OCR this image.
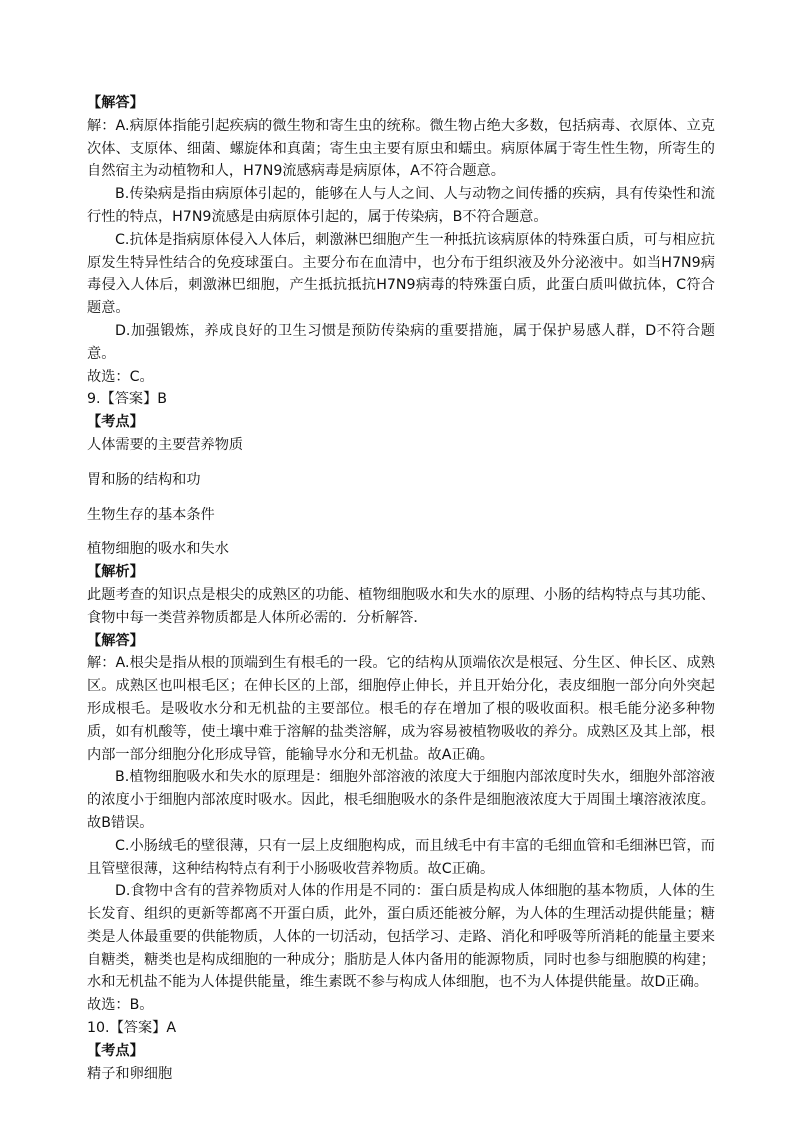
【解答】
解：A.病原体指能引起疾病的微生物和寄生虫的统称。微生物占绝大多数，包括病毒、衣原体、立克次体、支原体、细菌、螺旋体和真菌；寄生虫主要有原虫和蠕虫。病原体属于寄生性生物，所寄生的自然宿主为动植物和人，H7N9流感病毒是病原体，A不符合题意。
B.传染病是指由病原体引起的，能够在人与人之间、人与动物之间传播的疾病，具有传染性和流行性的特点，H7N9流感是由病原体引起的，属于传染病，B不符合题意。
C.抗体是指病原体侵入人体后，刺激淋巴细胞产生一种抵抗该病原体的特殊蛋白质，可与相应抗原发生特异性结合的免疫球蛋白。主要分布在血清中，也分布于组织液及外分泌液中。如当H7N9病毒侵入人体后，刺激淋巴细胞，产生抵抗抵抗H7N9病毒的特殊蛋白质，此蛋白质叫做抗体，C符合题意。
D.加强锻炼，养成良好的卫生习惯是预防传染病的重要措施，属于保护易感人群，D不符合题意。
故选：C。
9.【答案】B
【考点】
人体需要的主要营养物质
胃和肠的结构和功
生物生存的基本条件
植物细胞的吸水和失水
【解析】
此题考查的知识点是根尖的成熟区的功能、植物细胞吸水和失水的原理、小肠的结构特点与其功能、食物中每一类营养物质都是人体所必需的．分析解答．
【解答】
解：A.根尖是指从根的顶端到生有根毛的一段。它的结构从顶端依次是根冠、分生区、伸长区、成熟区。成熟区也叫根毛区；在伸长区的上部，细胞停止伸长，并且开始分化，表皮细胞一部分向外突起形成根毛。是吸收水分和无机盐的主要部位。根毛的存在增加了根的吸收面积。根毛能分泌多种物质，如有机酸等，使土壤中难于溶解的盐类溶解，成为容易被植物吸收的养分。成熟区及其上部，根内部一部分细胞分化形成导管，能输导水分和无机盐。故A正确。
B.植物细胞吸水和失水的原理是：细胞外部溶液的浓度大于细胞内部浓度时失水，细胞外部溶液的浓度小于细胞内部浓度时吸水。因此，根毛细胞吸水的条件是细胞液浓度大于周围土壤溶液浓度。故B错误。
C.小肠绒毛的壁很薄，只有一层上皮细胞构成，而且绒毛中有丰富的毛细血管和毛细淋巴管，而且管壁很薄，这种结构特点有利于小肠吸收营养物质。故C正确。
D.食物中含有的营养物质对人体的作用是不同的：蛋白质是构成人体细胞的基本物质，人体的生长发育、组织的更新等都离不开蛋白质，此外，蛋白质还能被分解，为人体的生理活动提供能量；糖类是人体最重要的供能物质，人体的一切活动，包括学习、走路、消化和呼吸等所消耗的能量主要来自糖类，糖类也是构成细胞的一种成分；脂肪是人体内备用的能源物质，同时也参与细胞膜的构建；水和无机盐不能为人体提供能量，维生素既不参与构成人体细胞，也不为人体提供能量。故D正确。
故选：B。
10.【答案】A
【考点】
精子和卵细胞
